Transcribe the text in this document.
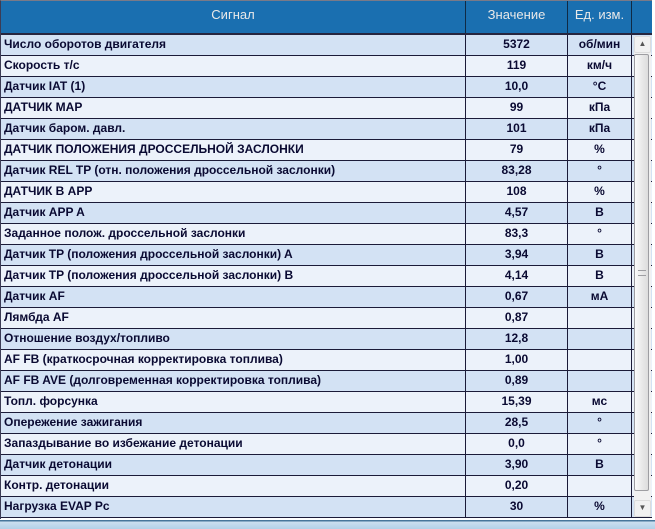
Сигнал	Значение	Ед. изм.
Число оборотов двигателя	5372	об/мин
Скорость т/с	119	км/ч
Датчик IAT (1)	10,0	°C
ДАТЧИК MAP	99	кПа
Датчик баром. давл.	101	кПа
ДАТЧИК ПОЛОЖЕНИЯ ДРОССЕЛЬНОЙ ЗАСЛОНКИ	79	%
Датчик REL TP (отн. положения дроссельной заслонки)	83,28	°
ДАТЧИК В APP	108	%
Датчик APP A	4,57	В
Заданное полож. дроссельной заслонки	83,3	°
Датчик TP (положения дроссельной заслонки) A	3,94	В
Датчик TP (положения дроссельной заслонки) B	4,14	В
Датчик AF	0,67	мА
Лямбда AF	0,87
Отношение воздух/топливо	12,8
AF FB (краткосрочная корректировка топлива)	1,00
AF FB AVE (долговременная корректировка топлива)	0,89
Топл. форсунка	15,39	мс
Опережение зажигания	28,5	°
Запаздывание во избежание детонации	0,0	°
Датчик детонации	3,90	В
Контр. детонации	0,20
Нагрузка EVAP Pc	30	%
▲
▼
